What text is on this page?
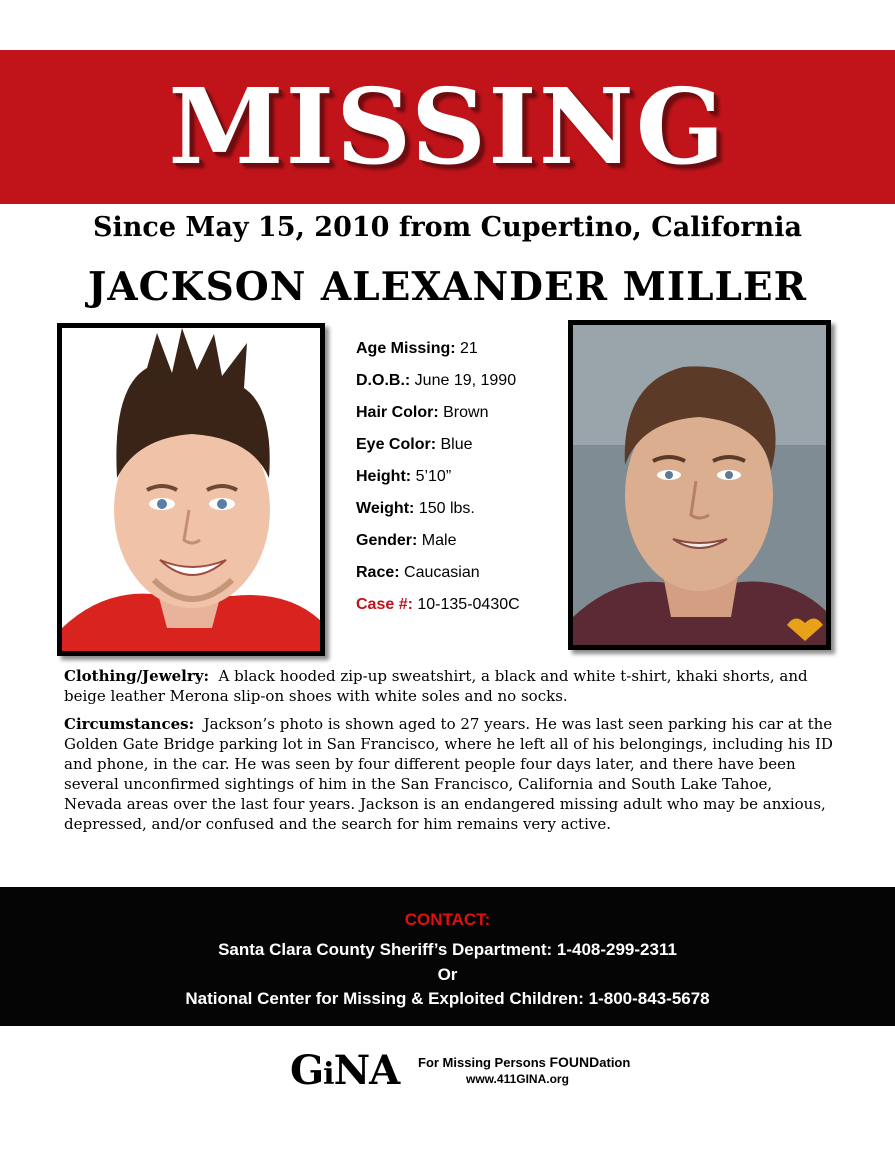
MISSING
Since May 15, 2010 from Cupertino, California
JACKSON ALEXANDER MILLER
Age Missing: 21
D.O.B.: June 19, 1990
Hair Color: Brown
Eye Color: Blue
Height: 5’10”
Weight: 150 lbs.
Gender: Male
Race: Caucasian
Case #: 10-135-0430C
Clothing/Jewelry: A black hooded zip-up sweatshirt, a black and white t-shirt, khaki shorts, and beige leather Merona slip-on shoes with white soles and no socks.
Circumstances: Jackson’s photo is shown aged to 27 years. He was last seen parking his car at the Golden Gate Bridge parking lot in San Francisco, where he left all of his belongings, including his ID and phone, in the car. He was seen by four different people four days later, and there have been several unconfirmed sightings of him in the San Francisco, California and South Lake Tahoe, Nevada areas over the last four years. Jackson is an endangered missing adult who may be anxious, depressed, and/or confused and the search for him remains very active.
CONTACT:
Santa Clara County Sheriff’s Department: 1-408-299-2311
Or
National Center for Missing & Exploited Children: 1-800-843-5678
GiNA For Missing Persons FOUNDation
www.411GINA.org
